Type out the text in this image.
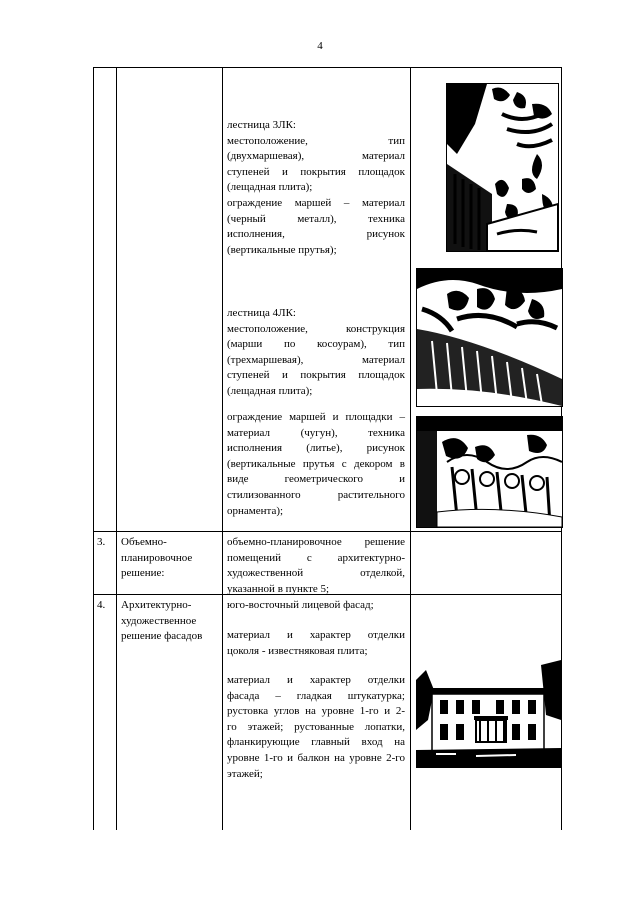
4
лестница 3ЛК:
местоположение, тип
(двухмаршевая), материал
ступеней и покрытия площадок
(лещадная плита);
ограждение маршей – материал
(черный металл), техника
исполнения, рисунок
(вертикальные прутья);
лестница 4ЛК:
местоположение, конструкция
(марши по косоурам), тип
(трехмаршевая), материал
ступеней и покрытия площадок
(лещадная плита);
ограждение маршей и площадки –
материал (чугун), техника
исполнения (литье), рисунок
(вертикальные прутья с декором в
виде геометрического и
стилизованного растительного
орнамента);
3. Объемно-
планировочное
решение:
объемно-планировочное решение
помещений с архитектурно-
художественной отделкой,
указанной в пункте 5;
4. Архитектурно-
художественное
решение фасадов
юго-восточный лицевой фасад;
материал и характер отделки
цоколя - известняковая плита;
материал и характер отделки
фасада – гладкая штукатурка;
рустовка углов на уровне 1-го и 2-
го этажей; рустованные лопатки,
фланкирующие главный вход на
уровне 1-го и балкон на уровне 2-го
этажей;
